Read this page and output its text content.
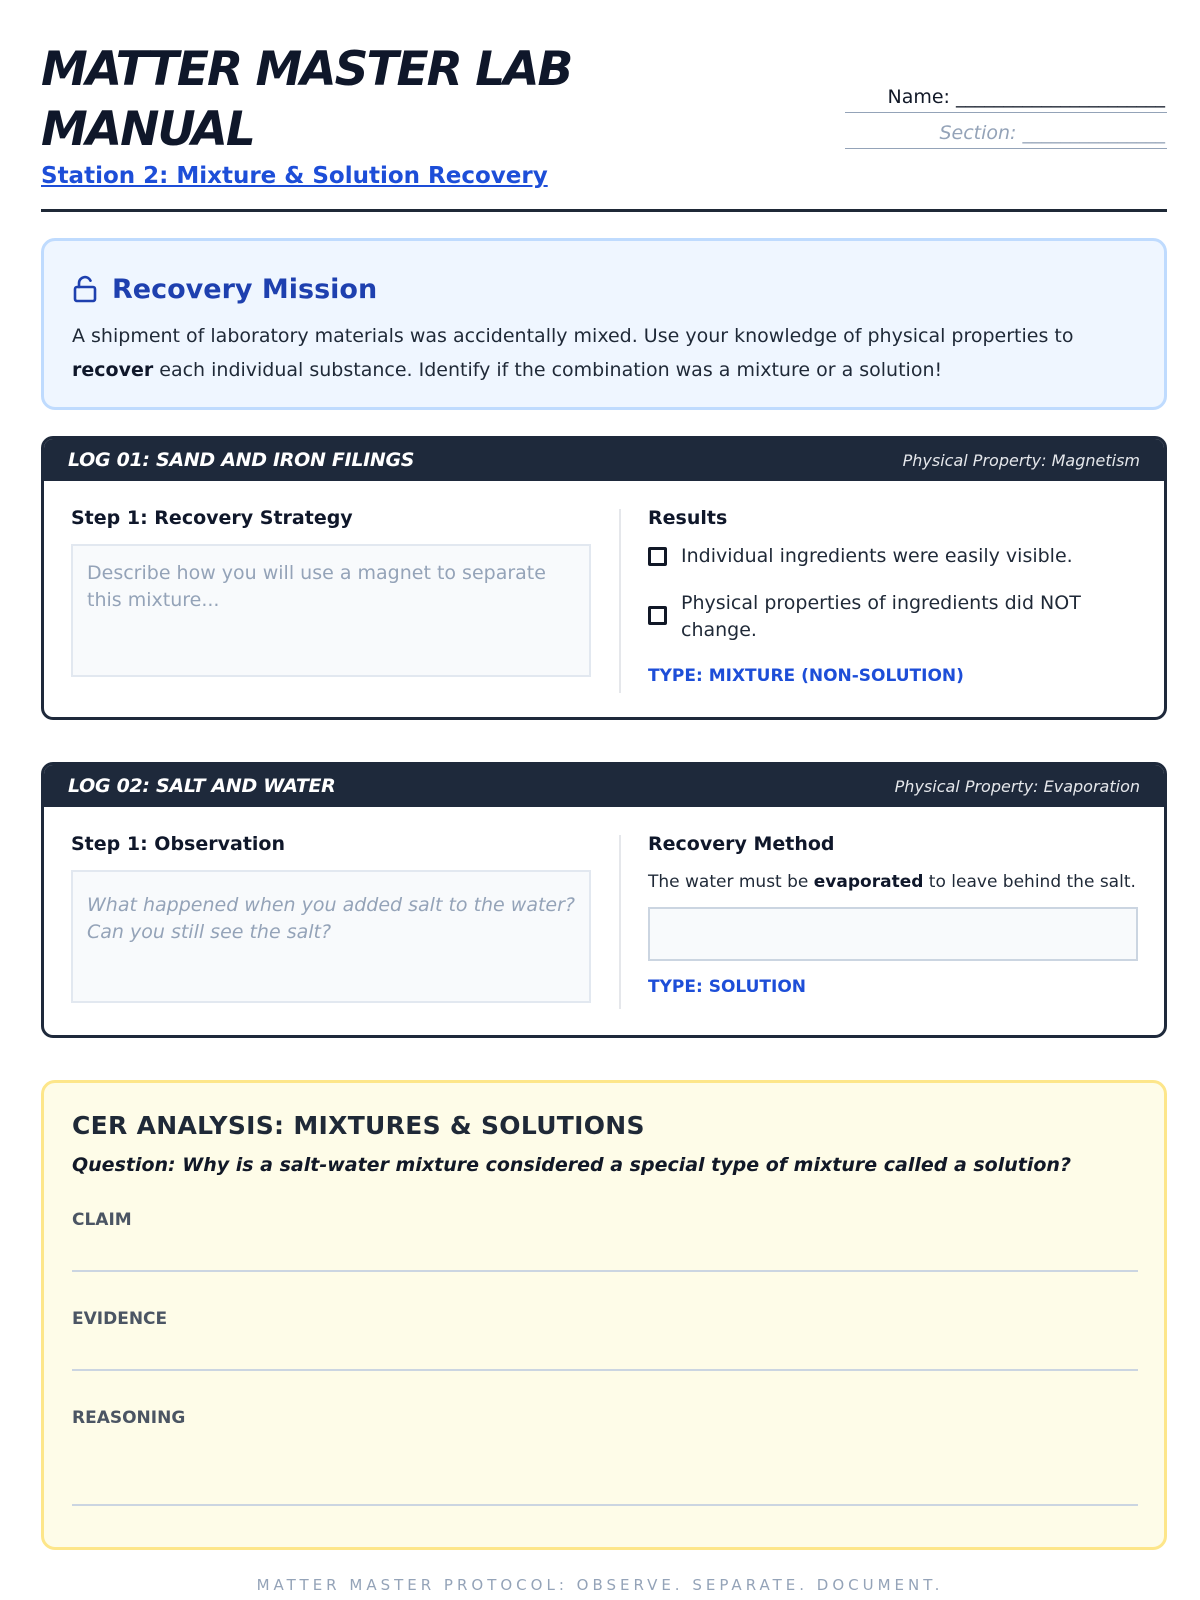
MATTER MASTER LAB MANUAL
Station 2: Mixture & Solution Recovery
Name: ______________________
Section: _______________
Recovery Mission

A shipment of laboratory materials was accidentally mixed. Use your knowledge of physical properties to recover each individual substance. Identify if the combination was a mixture or a solution!

LOG 01: SAND AND IRON FILINGS	Physical Property: Magnetism
Step 1: Recovery Strategy
Describe how you will use a magnet to separate this mixture...
Results
Individual ingredients were easily visible.
Physical properties of ingredients did NOT change.
TYPE: MIXTURE (NON-SOLUTION)
LOG 02: SALT AND WATER	Physical Property: Evaporation
Step 1: Observation
What happened when you added salt to the water? Can you still see the salt?
Recovery Method
The water must be evaporated to leave behind the salt.
TYPE: SOLUTION
CER ANALYSIS: MIXTURES & SOLUTIONS
Question: Why is a salt-water mixture considered a special type of mixture called a solution?
CLAIM
EVIDENCE
REASONING
MATTER MASTER PROTOCOL: OBSERVE. SEPARATE. DOCUMENT.
